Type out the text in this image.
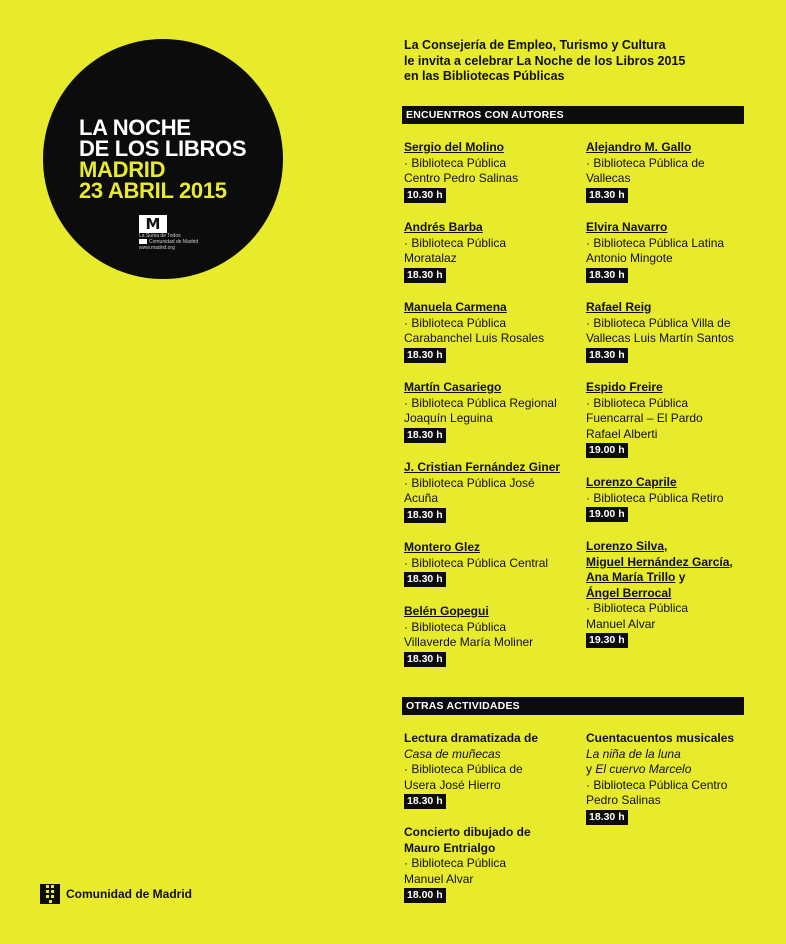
LA NOCHE
DE LOS LIBROS
MADRID
23 ABRIL 2015
M
La Suma de Todos
Comunidad de Madrid
www.madrid.org

La Consejería de Empleo, Turismo y Cultura
le invita a celebrar La Noche de los Libros 2015
en las Bibliotecas Públicas

ENCUENTROS CON AUTORES
OTRAS ACTIVIDADES
Sergio del Molino
· Biblioteca Pública
Centro Pedro Salinas
10.30 h
Andrés Barba
· Biblioteca Pública
Moratalaz
18.30 h
Manuela Carmena
· Biblioteca Pública
Carabanchel Luis Rosales
18.30 h
Martín Casariego
· Biblioteca Pública Regional
Joaquín Leguina
18.30 h
J. Cristian Fernández Giner
· Biblioteca Pública José
Acuña
18.30 h
Montero Glez
· Biblioteca Pública Central
18.30 h
Belén Gopegui
· Biblioteca Pública
Villaverde María Moliner
18.30 h
Alejandro M. Gallo
· Biblioteca Pública de
Vallecas
18.30 h
Elvira Navarro
· Biblioteca Pública Latina
Antonio Mingote
18.30 h
Rafael Reig
· Biblioteca Pública Villa de
Vallecas Luis Martín Santos
18.30 h
Espido Freire
· Biblioteca Pública
Fuencarral – El Pardo
Rafael Alberti
19.00 h
Lorenzo Caprile
· Biblioteca Pública Retiro
19.00 h
Lorenzo Silva,
Miguel Hernández García,
Ana María Trillo y
Ángel Berrocal
· Biblioteca Pública
Manuel Alvar
19.30 h
Lectura dramatizada de
Casa de muñecas
· Biblioteca Pública de
Usera José Hierro
18.30 h
Concierto dibujado de
Mauro Entrialgo
· Biblioteca Pública
Manuel Alvar
18.00 h
Cuentacuentos musicales
La niña de la luna
y El cuervo Marcelo
· Biblioteca Pública Centro
Pedro Salinas
18.30 h
Comunidad de Madrid
